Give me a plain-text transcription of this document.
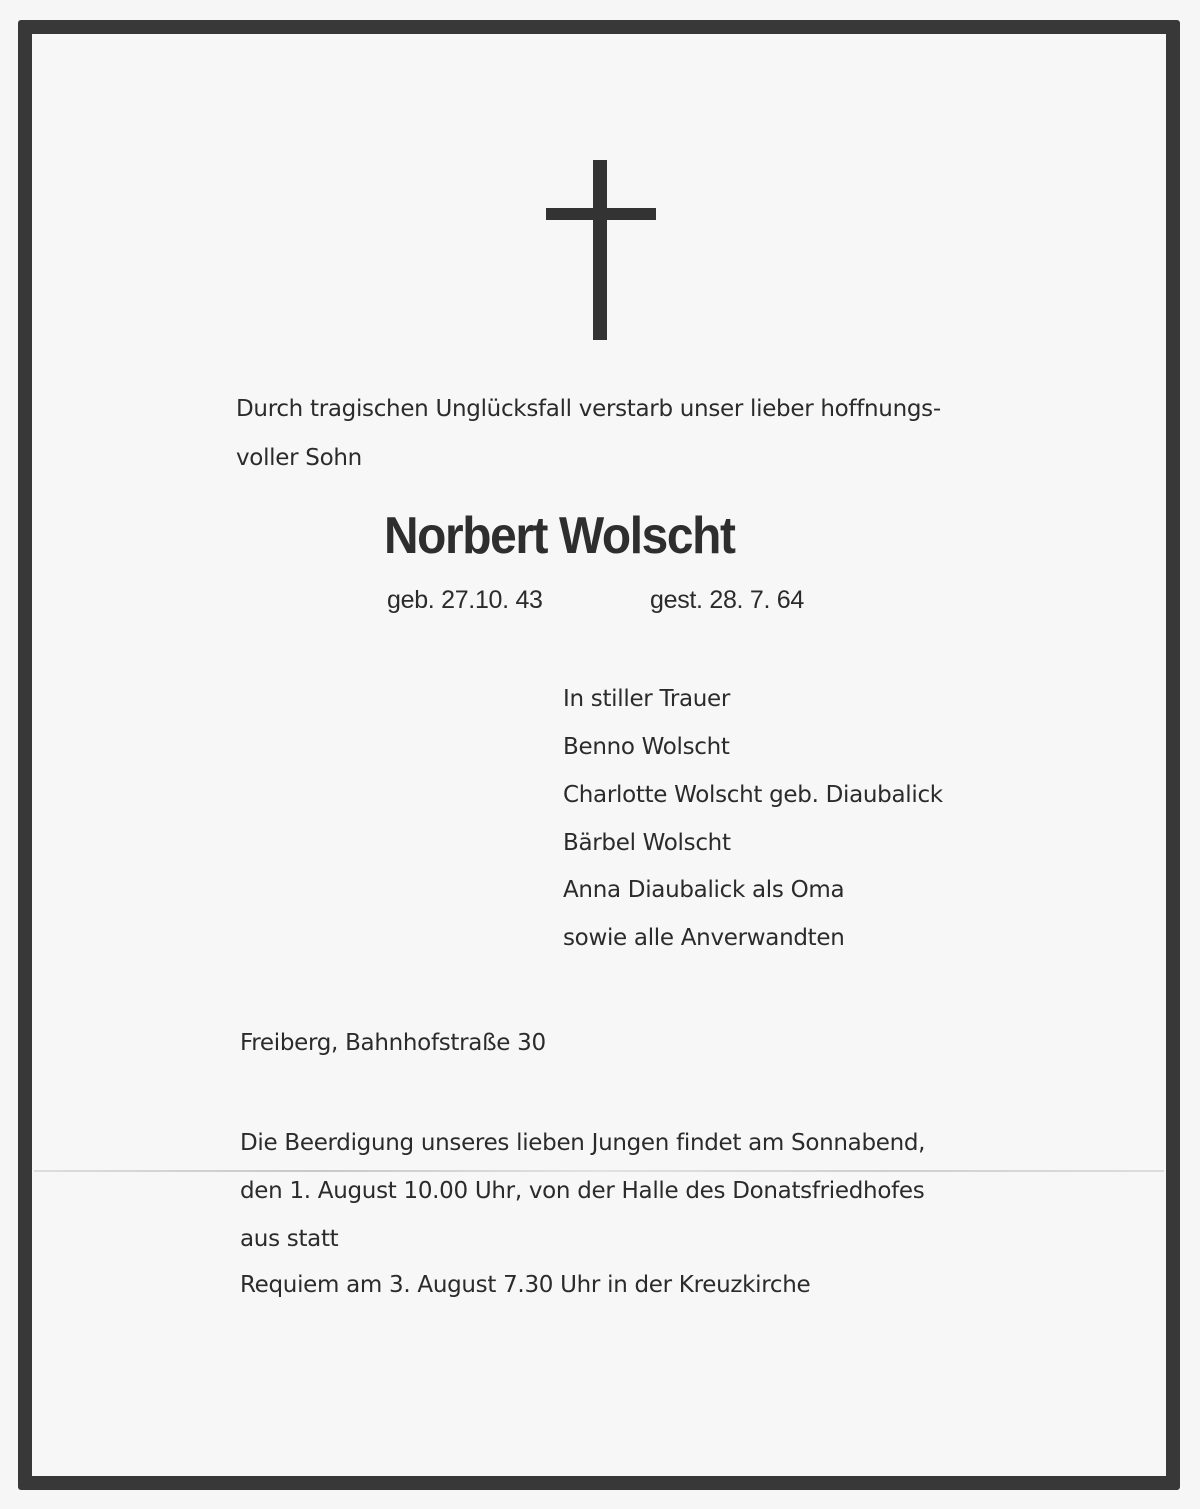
Durch tragischen Unglücksfall verstarb unser lieber hoffnungs-
voller Sohn
Norbert Wolscht
geb. 27.10. 43	gest. 28. 7. 64
In stiller Trauer
Benno Wolscht
Charlotte Wolscht geb. Diaubalick
Bärbel Wolscht
Anna Diaubalick als Oma
sowie alle Anverwandten
Freiberg, Bahnhofstraße 30
Die Beerdigung unseres lieben Jungen findet am Sonnabend,
den 1. August 10.00 Uhr, von der Halle des Donatsfriedhofes
aus statt
Requiem am 3. August 7.30 Uhr in der Kreuzkirche
